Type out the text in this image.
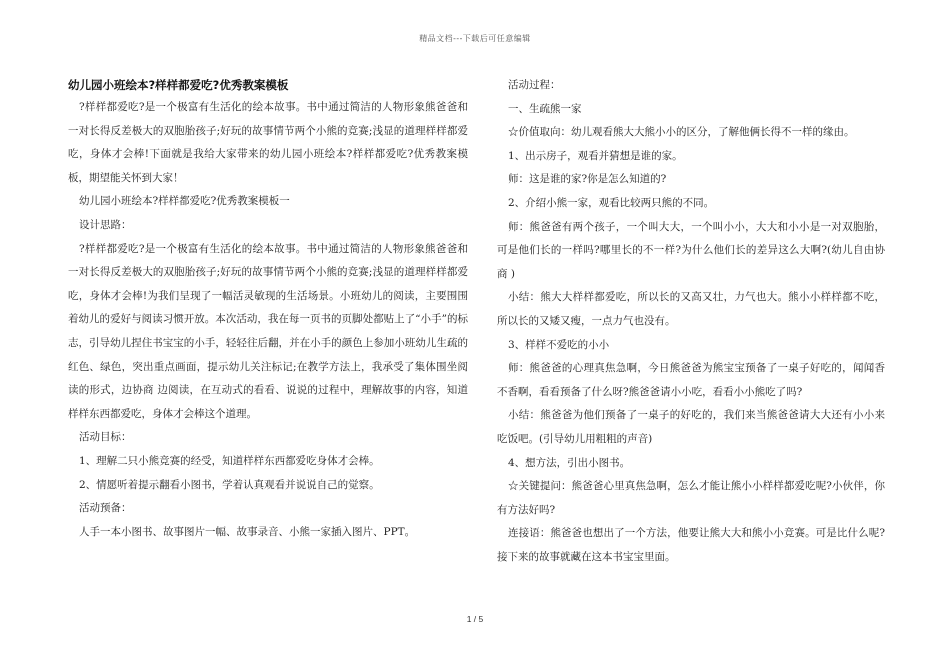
精品文档---下载后可任意编辑
幼儿园小班绘本?样样都爱吃?优秀教案模板

?样样都爱吃?是一个极富有生活化的绘本故事。书中通过简洁的人物形象熊爸爸和一对长得反差极大的双胞胎孩子;好玩的故事情节两个小熊的竞赛;浅显的道理样样都爱吃，身体才会棒!下面就是我给大家带来的幼儿园小班绘本?样样都爱吃?优秀教案模板，期望能关怀到大家！

幼儿园小班绘本?样样都爱吃?优秀教案模板一

设计思路：

?样样都爱吃?是一个极富有生活化的绘本故事。书中通过简洁的人物形象熊爸爸和一对长得反差极大的双胞胎孩子;好玩的故事情节两个小熊的竞赛;浅显的道理样样都爱吃，身体才会棒!为我们呈现了一幅活灵敏现的生活场景。小班幼儿的阅读，主要围围着幼儿的爱好与阅读习惯开放。本次活动，我在每一页书的页脚处都贴上了“小手”的标志，引导幼儿捏住书宝宝的小手，轻轻往后翻，并在小手的颜色上参加小班幼儿生疏的红色、绿色，突出重点画面，提示幼儿关注标记;在教学方法上，我承受了集体围坐阅读的形式，边协商 边阅读，在互动式的看看、说说的过程中，理解故事的内容，知道样样东西都爱吃，身体才会棒这个道理。

活动目标：

1、理解二只小熊竞赛的经受，知道样样东西都爱吃身体才会棒。

2、情愿听着提示翻看小图书，学着认真观看并说说自己的觉察。

活动预备：

人手一本小图书、故事图片一幅、故事录音、小熊一家插入图片、PPT。

活动过程：

一、生疏熊一家

☆价值取向：幼儿观看熊大大熊小小的区分，了解他俩长得不一样的缘由。

1、出示房子，观看并猜想是谁的家。

师：这是谁的家?你是怎么知道的?

2、介绍小熊一家，观看比较两只熊的不同。

师：熊爸爸有两个孩子，一个叫大大，一个叫小小，大大和小小是一对双胞胎，可是他们长的一样吗?哪里长的不一样?为什么他们长的差异这么大啊?(幼儿自由协商 )

小结：熊大大样样都爱吃，所以长的又高又壮，力气也大。熊小小样样都不吃，所以长的又矮又瘦，一点力气也没有。

3、样样不爱吃的小小

师：熊爸爸的心理真焦急啊，今日熊爸爸为熊宝宝预备了一桌子好吃的，闻闻香不香啊，看看预备了什么呀?熊爸爸请小小吃，看看小小熊吃了吗?

小结：熊爸爸为他们预备了一桌子的好吃的，我们来当熊爸爸请大大还有小小来吃饭吧。(引导幼儿用粗粗的声音)

4、想方法，引出小图书。

☆关键提问：熊爸爸心里真焦急啊，怎么才能让熊小小样样都爱吃呢?小伙伴，你有方法好吗?

连接语：熊爸爸也想出了一个方法，他要让熊大大和熊小小竞赛。可是比什么呢?接下来的故事就藏在这本书宝宝里面。

1 / 5
